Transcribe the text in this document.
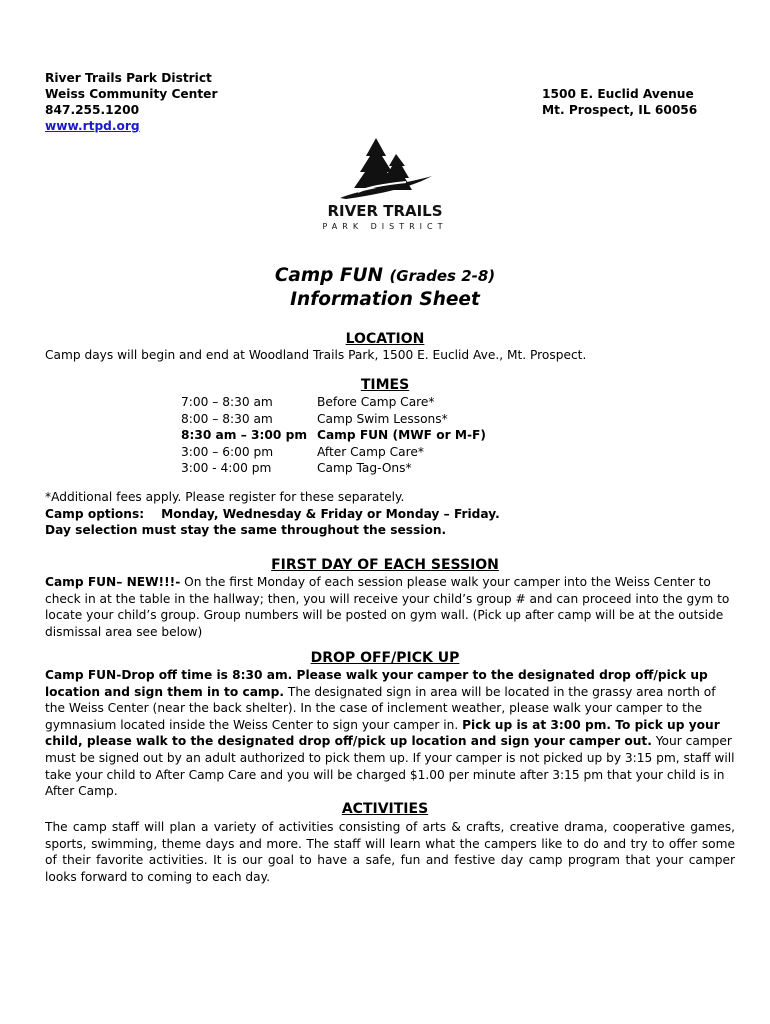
River Trails Park District
Weiss Community Center
847.255.1200
www.rtpd.org
1500 E. Euclid Avenue
Mt. Prospect, IL 60056
RIVER TRAILS
PARK DISTRICT
Camp FUN (Grades 2-8)
Information Sheet
LOCATION
Camp days will begin and end at Woodland Trails Park, 1500 E. Euclid Ave., Mt. Prospect.
TIMES
7:00 – 8:30 am	Before Camp Care*
8:00 – 8:30 am	Camp Swim Lessons*
8:30 am – 3:00 pm Camp FUN (MWF or M-F)
3:00 – 6:00 pm	After Camp Care*
3:00 - 4:00 pm	Camp Tag-Ons*
*Additional fees apply. Please register for these separately.
Camp options:    Monday, Wednesday & Friday or Monday – Friday.
Day selection must stay the same throughout the session.
FIRST DAY OF EACH SESSION
Camp FUN– NEW!!!- On the first Monday of each session please walk your camper into the Weiss Center to check in at the table in the hallway; then, you will receive your child’s group # and can proceed into the gym to locate your child’s group. Group numbers will be posted on gym wall. (Pick up after camp will be at the outside dismissal area see below)
DROP OFF/PICK UP
Camp FUN-Drop off time is 8:30 am. Please walk your camper to the designated drop off/pick up location and sign them in to camp. The designated sign in area will be located in the grassy area north of the Weiss Center (near the back shelter). In the case of inclement weather, please walk your camper to the gymnasium located inside the Weiss Center to sign your camper in. Pick up is at 3:00 pm. To pick up your child, please walk to the designated drop off/pick up location and sign your camper out. Your camper must be signed out by an adult authorized to pick them up. If your camper is not picked up by 3:15 pm, staff will take your child to After Camp Care and you will be charged $1.00 per minute after 3:15 pm that your child is in After Camp.
ACTIVITIES
The camp staff will plan a variety of activities consisting of arts & crafts, creative drama, cooperative games, sports, swimming, theme days and more. The staff will learn what the campers like to do and try to offer some of their favorite activities. It is our goal to have a safe, fun and festive day camp program that your camper looks forward to coming to each day.
